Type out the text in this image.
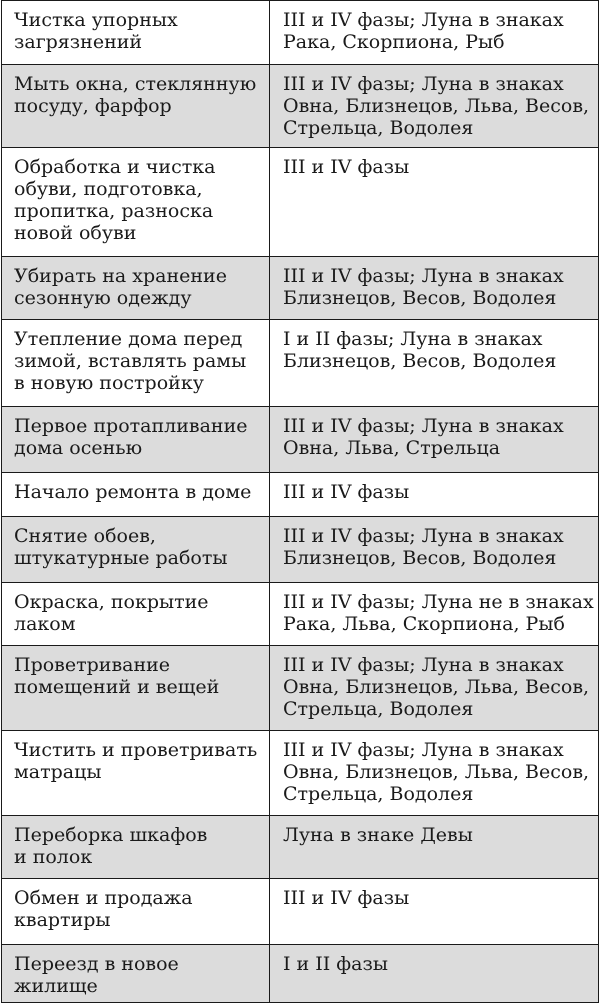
Чистка упорных
загрязнений
III и IV фазы; Луна в знаках
Рака, Скорпиона, Рыб
Мыть окна, стеклянную
посуду, фарфор
III и IV фазы; Луна в знаках
Овна, Близнецов, Льва, Весов,
Стрельца, Водолея
Обработка и чистка
обуви, подготовка,
пропитка, разноска
новой обуви
III и IV фазы
Убирать на хранение
сезонную одежду
III и IV фазы; Луна в знаках
Близнецов, Весов, Водолея
Утепление дома перед
зимой, вставлять рамы
в новую постройку
I и II фазы; Луна в знаках
Близнецов, Весов, Водолея
Первое протапливание
дома осенью
III и IV фазы; Луна в знаках
Овна, Льва, Стрельца
Начало ремонта в доме	III и IV фазы
Снятие обоев,
штукатурные работы
III и IV фазы; Луна в знаках
Близнецов, Весов, Водолея
Окраска, покрытие
лаком
III и IV фазы; Луна не в знаках
Рака, Льва, Скорпиона, Рыб
Проветривание
помещений и вещей
III и IV фазы; Луна в знаках
Овна, Близнецов, Льва, Весов,
Стрельца, Водолея
Чистить и проветривать
матрацы
III и IV фазы; Луна в знаках
Овна, Близнецов, Льва, Весов,
Стрельца, Водолея
Переборка шкафов
и полок
Луна в знаке Девы
Обмен и продажа
квартиры
III и IV фазы
Переезд в новое
жилище
I и II фазы
